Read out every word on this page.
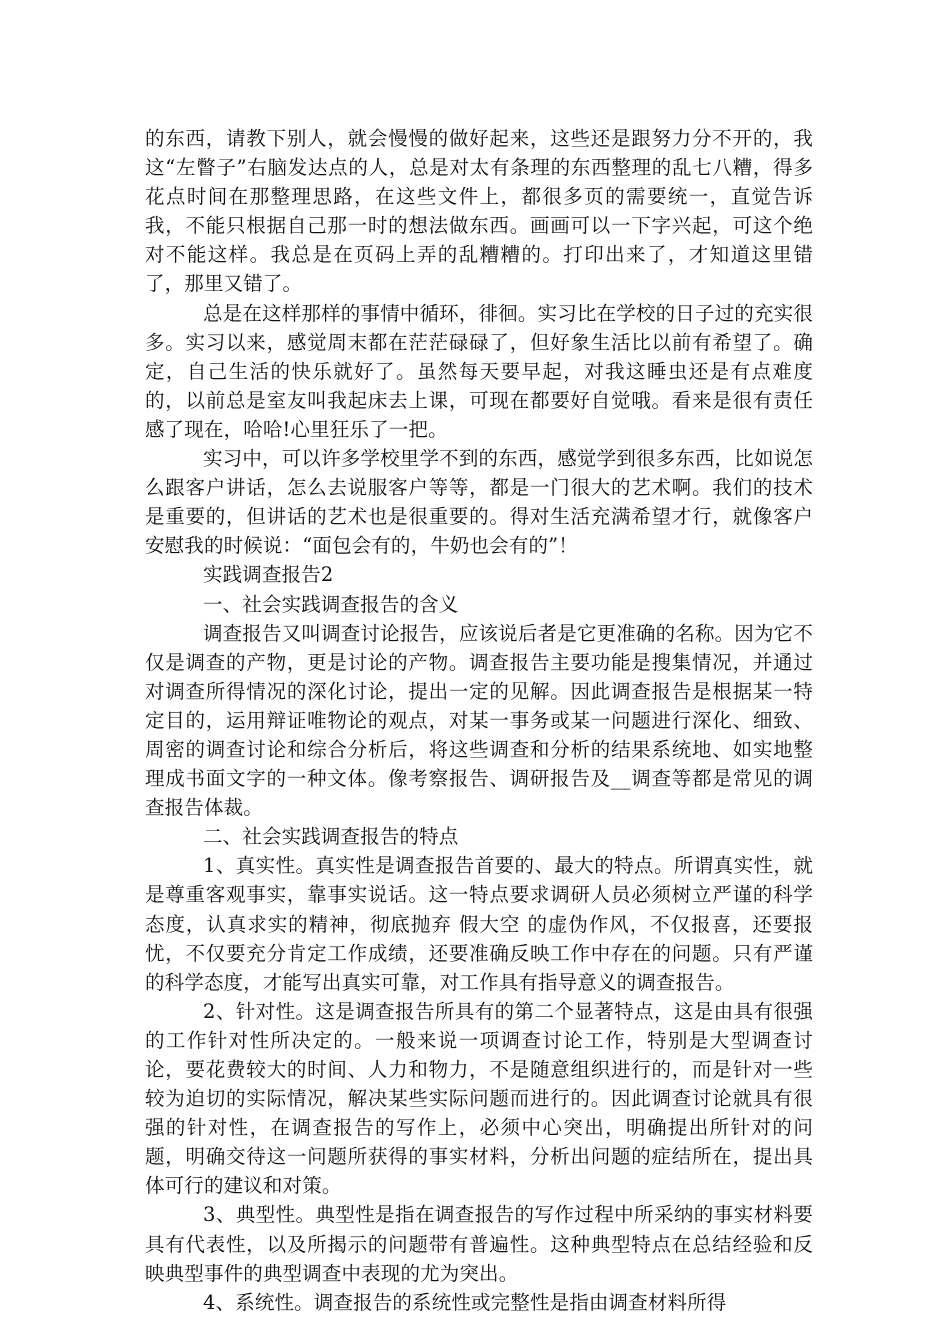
的东西，请教下别人，就会慢慢的做好起来，这些还是跟努力分不开的，我这“左瞥子”右脑发达点的人，总是对太有条理的东西整理的乱七八糟，得多花点时间在那整理思路，在这些文件上，都很多页的需要统一，直觉告诉我，不能只根据自己那一时的想法做东西。画画可以一下字兴起，可这个绝对不能这样。我总是在页码上弄的乱糟糟的。打印出来了，才知道这里错了，那里又错了。

总是在这样那样的事情中循环，徘徊。实习比在学校的日子过的充实很多。实习以来，感觉周末都在茫茫碌碌了，但好象生活比以前有希望了。确定，自己生活的快乐就好了。虽然每天要早起，对我这睡虫还是有点难度的，以前总是室友叫我起床去上课，可现在都要好自觉哦。看来是很有责任感了现在，哈哈!心里狂乐了一把。

实习中，可以许多学校里学不到的东西，感觉学到很多东西，比如说怎么跟客户讲话，怎么去说服客户等等，都是一门很大的艺术啊。我们的技术是重要的，但讲话的艺术也是很重要的。得对生活充满希望才行，就像客户安慰我的时候说：“面包会有的，牛奶也会有的”！

实践调查报告2

一、社会实践调查报告的含义

调查报告又叫调查讨论报告，应该说后者是它更准确的名称。因为它不仅是调查的产物，更是讨论的产物。调查报告主要功能是搜集情况，并通过对调查所得情况的深化讨论，提出一定的见解。因此调查报告是根据某一特定目的，运用辩证唯物论的观点，对某一事务或某一问题进行深化、细致、周密的调查讨论和综合分析后，将这些调查和分析的结果系统地、如实地整理成书面文字的一种文体。像考察报告、调研报告及__调查等都是常见的调查报告体裁。

二、社会实践调查报告的特点

1、真实性。真实性是调查报告首要的、最大的特点。所谓真实性，就是尊重客观事实，靠事实说话。这一特点要求调研人员必须树立严谨的科学态度，认真求实的精神，彻底抛弃 假大空 的虚伪作风，不仅报喜，还要报忧，不仅要充分肯定工作成绩，还要准确反映工作中存在的问题。只有严谨的科学态度，才能写出真实可靠，对工作具有指导意义的调查报告。

2、针对性。这是调查报告所具有的第二个显著特点，这是由具有很强的工作针对性所决定的。一般来说一项调查讨论工作，特别是大型调查讨论，要花费较大的时间、人力和物力，不是随意组织进行的，而是针对一些较为迫切的实际情况，解决某些实际问题而进行的。因此调查讨论就具有很强的针对性，在调查报告的写作上，必须中心突出，明确提出所针对的问题，明确交待这一问题所获得的事实材料，分析出问题的症结所在，提出具体可行的建议和对策。

3、典型性。典型性是指在调查报告的写作过程中所采纳的事实材料要具有代表性，以及所揭示的问题带有普遍性。这种典型特点在总结经验和反映典型事件的典型调查中表现的尤为突出。

4、系统性。调查报告的系统性或完整性是指由调查材料所得
